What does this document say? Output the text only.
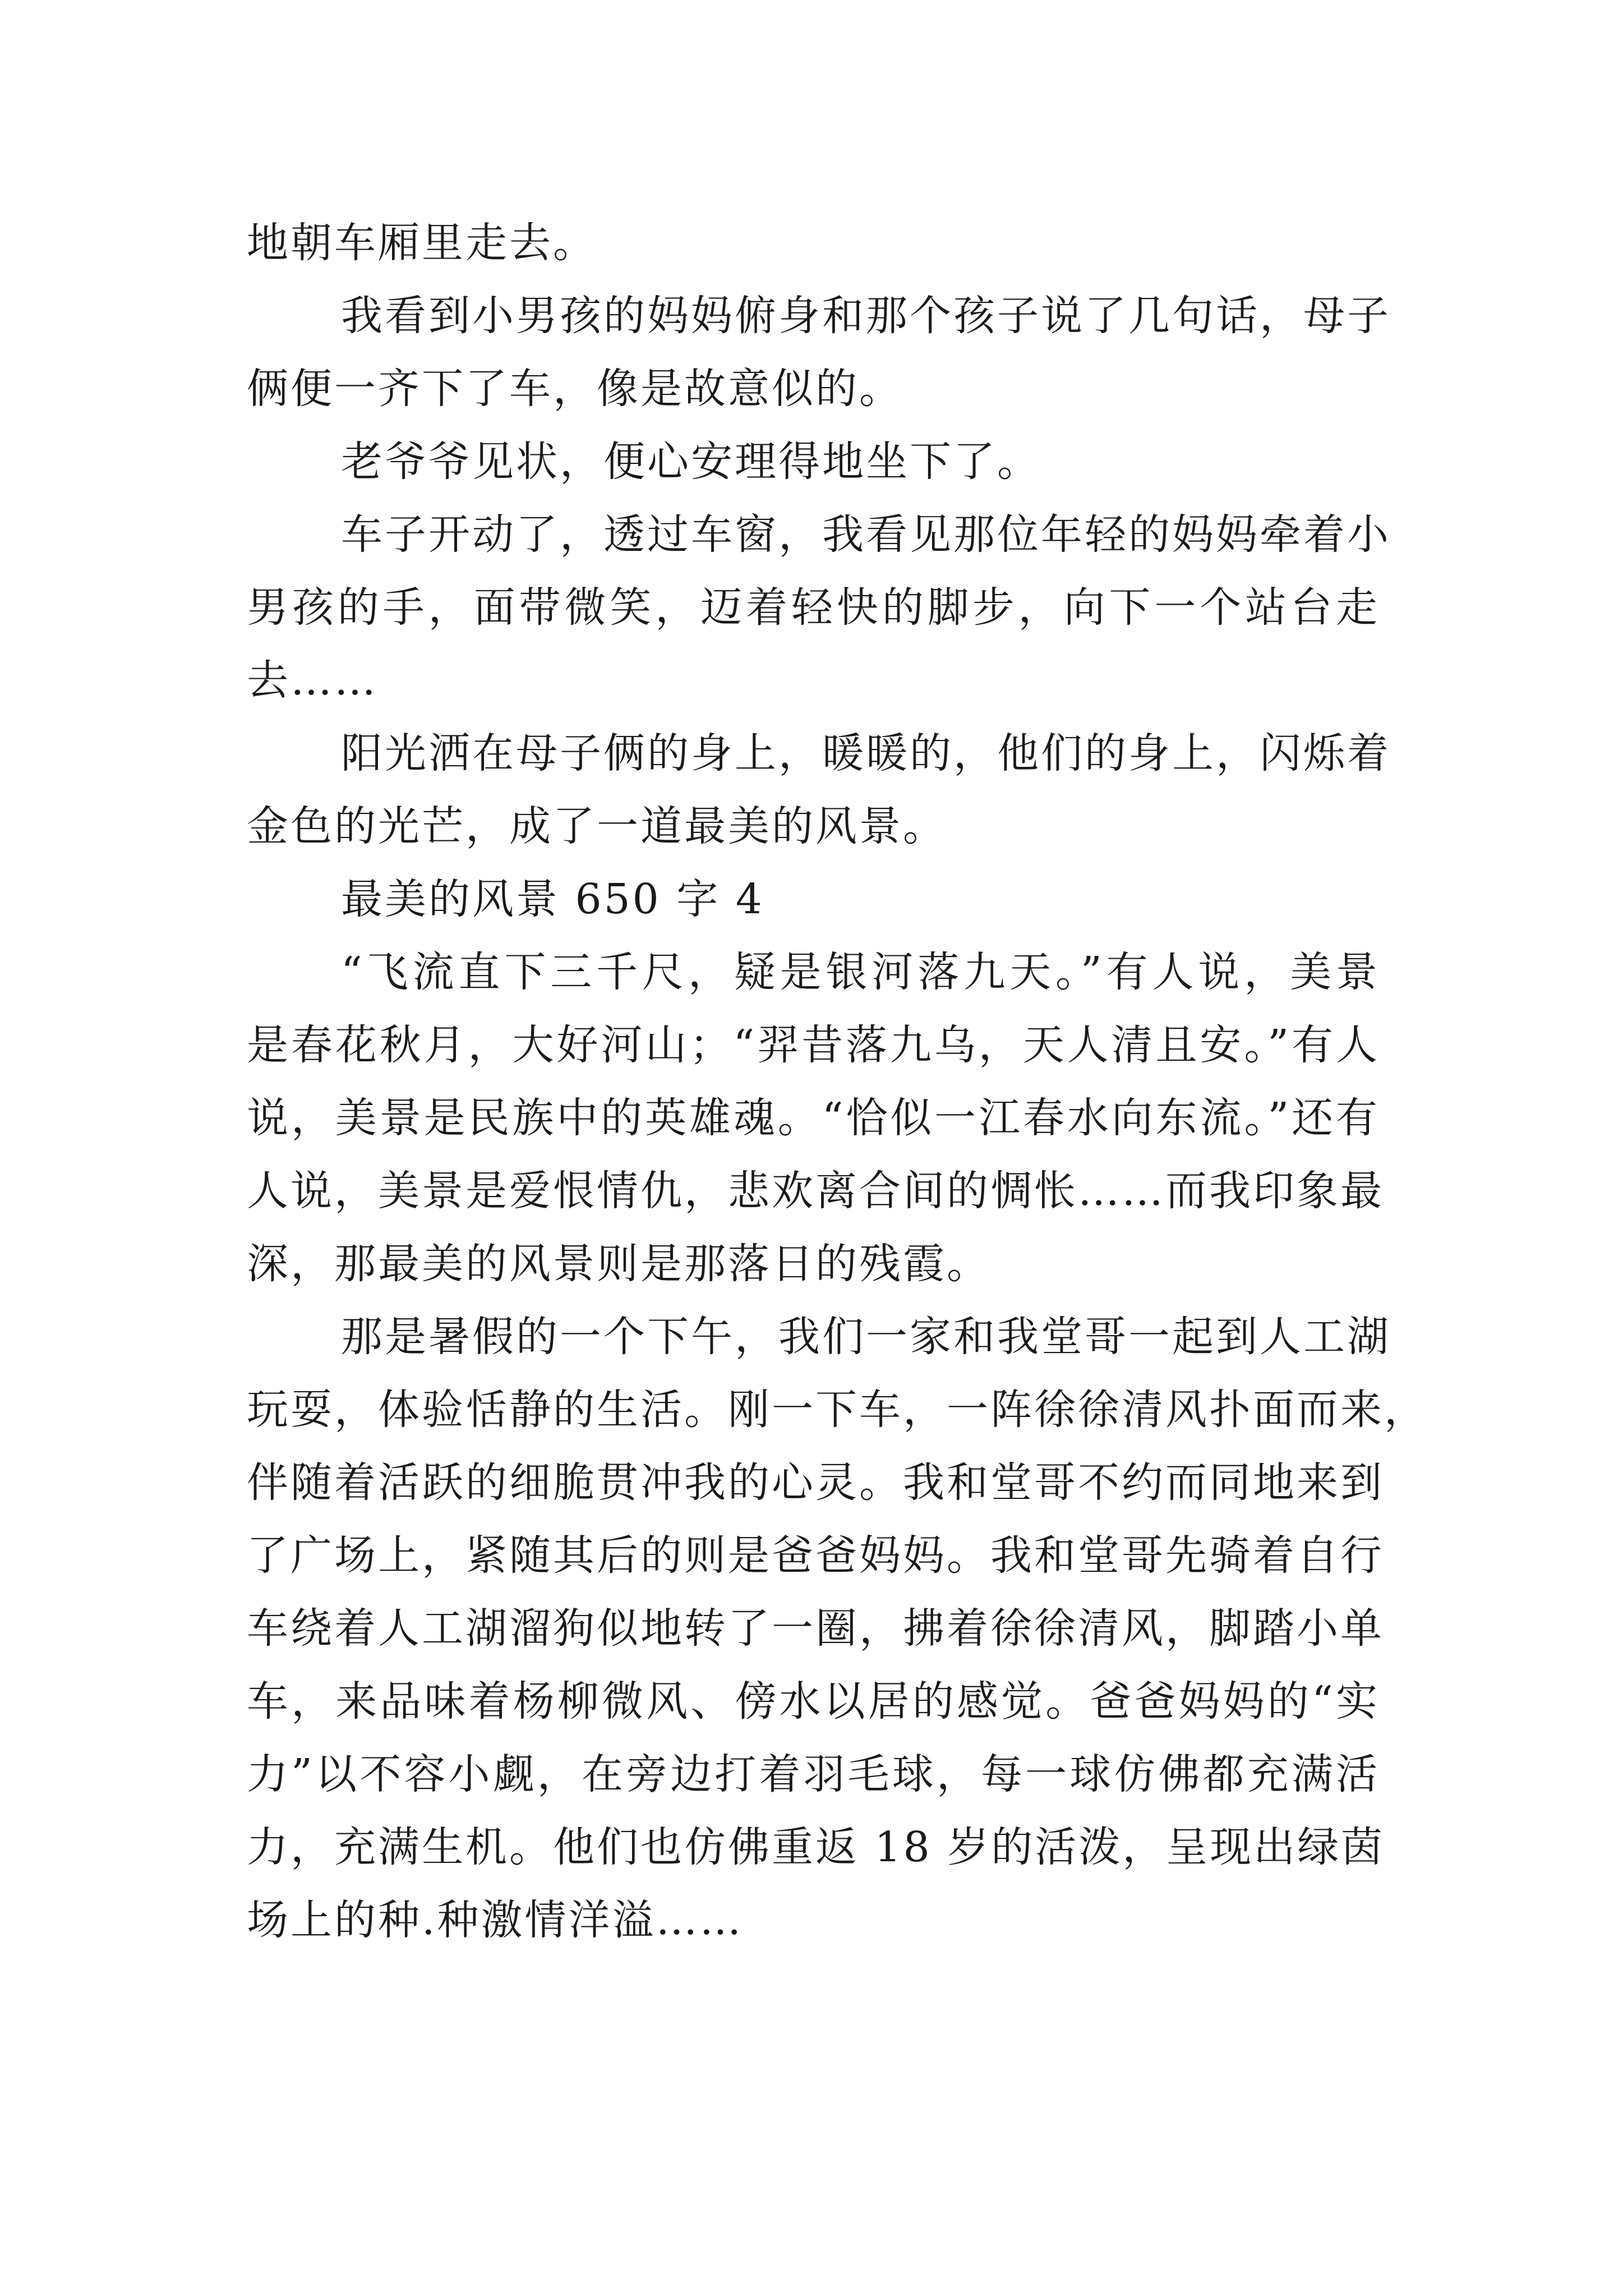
地朝车厢里走去。
我看到小男孩的妈妈俯身和那个孩子说了几句话，母子
俩便一齐下了车，像是故意似的。
老爷爷见状，便心安理得地坐下了。
车子开动了，透过车窗，我看见那位年轻的妈妈牵着小
男孩的手，面带微笑，迈着轻快的脚步，向下一个站台走
去……
阳光洒在母子俩的身上，暖暖的，他们的身上，闪烁着
金色的光芒，成了一道最美的风景。
最美的风景 650 字 4
“飞流直下三千尺，疑是银河落九天。”有人说，美景
是春花秋月，大好河山；“羿昔落九乌，天人清且安。”有人
说，美景是民族中的英雄魂。“恰似一江春水向东流。”还有
人说，美景是爱恨情仇，悲欢离合间的惆怅……而我印象最
深，那最美的风景则是那落日的残霞。
那是暑假的一个下午，我们一家和我堂哥一起到人工湖
玩耍，体验恬静的生活。刚一下车，一阵徐徐清风扑面而来，
伴随着活跃的细脆贯冲我的心灵。我和堂哥不约而同地来到
了广场上，紧随其后的则是爸爸妈妈。我和堂哥先骑着自行
车绕着人工湖溜狗似地转了一圈，拂着徐徐清风，脚踏小单
车，来品味着杨柳微风、傍水以居的感觉。爸爸妈妈的“实
力”以不容小觑，在旁边打着羽毛球，每一球仿佛都充满活
力，充满生机。他们也仿佛重返 18 岁的活泼，呈现出绿茵
场上的种.种激情洋溢……
